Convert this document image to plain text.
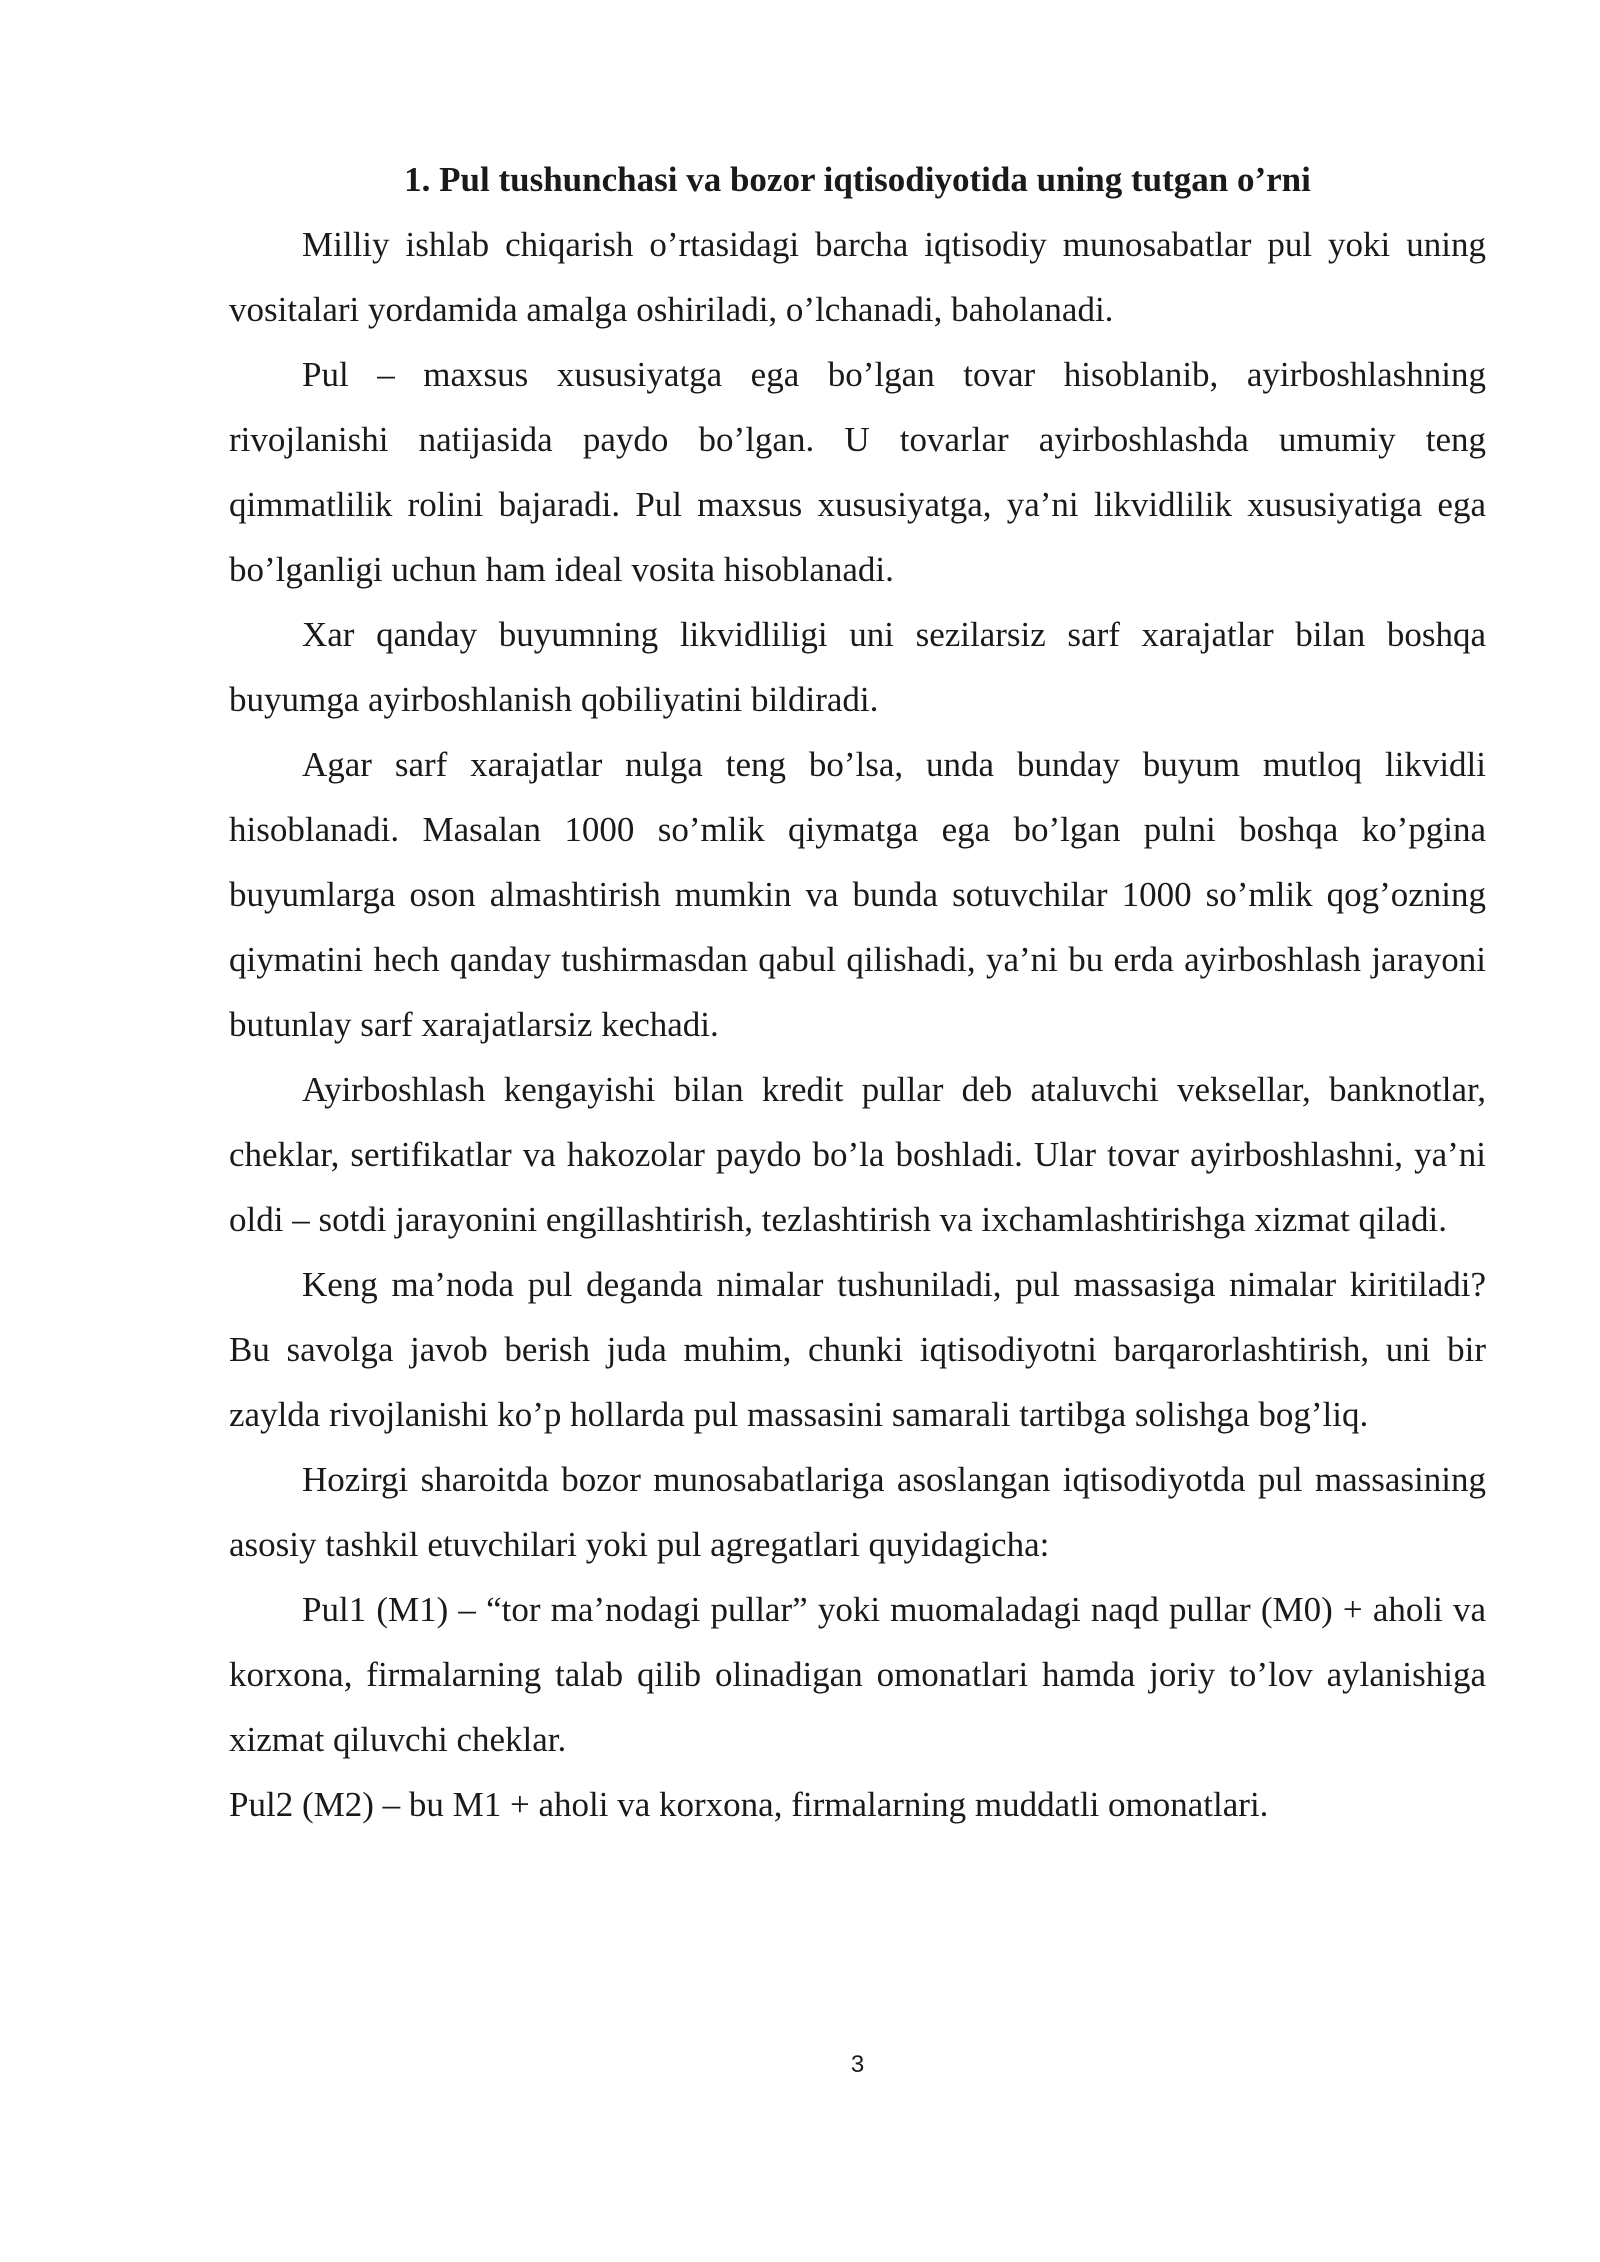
1. Pul tushunchasi va bozor iqtisodiyotida uning tutgan o’rni

Milliy ishlab chiqarish o’rtasidagi barcha iqtisodiy munosabatlar pul yoki uning vositalari yordamida amalga oshiriladi, o’lchanadi, baholanadi.

Pul – maxsus xususiyatga ega bo’lgan tovar hisoblanib, ayirboshlashning rivojlanishi natijasida paydo bo’lgan. U tovarlar ayirboshlashda umumiy teng qimmatlilik rolini bajaradi. Pul maxsus xususiyatga, ya’ni likvidlilik xususiyatiga ega bo’lganligi uchun ham ideal vosita hisoblanadi.

Xar qanday buyumning likvidliligi uni sezilarsiz sarf xarajatlar bilan boshqa buyumga ayirboshlanish qobiliyatini bildiradi.

Agar sarf xarajatlar nulga teng bo’lsa, unda bunday buyum mutloq likvidli hisoblanadi. Masalan 1000 so’mlik qiymatga ega bo’lgan pulni boshqa ko’pgina buyumlarga oson almashtirish mumkin va bunda sotuvchilar 1000 so’mlik qog’ozning qiymatini hech qanday tushirmasdan qabul qilishadi, ya’ni bu erda ayirboshlash jarayoni butunlay sarf xarajatlarsiz kechadi.

Ayirboshlash kengayishi bilan kredit pullar deb ataluvchi veksellar, banknotlar, cheklar, sertifikatlar va hakozolar paydo bo’la boshladi. Ular tovar ayirboshlashni, ya’ni oldi – sotdi jarayonini engillashtirish, tezlashtirish va ixchamlashtirishga xizmat qiladi.

Keng ma’noda pul deganda nimalar tushuniladi, pul massasiga nimalar kiritiladi? Bu savolga javob berish juda muhim, chunki iqtisodiyotni barqarorlashtirish, uni bir zaylda rivojlanishi ko’p hollarda pul massasini samarali tartibga solishga bog’liq.

Hozirgi sharoitda bozor munosabatlariga asoslangan iqtisodiyotda pul massasining asosiy tashkil etuvchilari yoki pul agregatlari quyidagicha:

Pul1 (M1) – “tor ma’nodagi pullar” yoki muomaladagi naqd pullar (M0) + aholi va korxona, firmalarning talab qilib olinadigan omonatlari hamda joriy to’lov aylanishiga xizmat qiluvchi cheklar.

Pul2 (M2) – bu M1 + aholi va korxona, firmalarning muddatli omonatlari.

3
